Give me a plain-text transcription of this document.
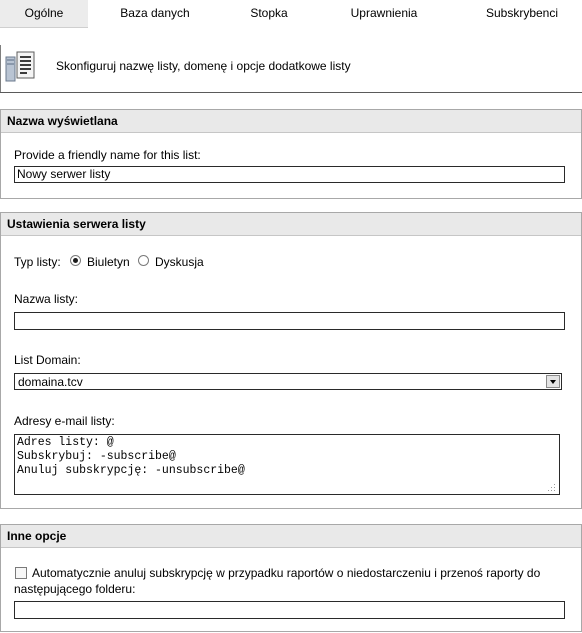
Ogólne	Baza danych	Stopka	Uprawnienia	Subskrybenci
Skonfiguruj nazwę listy, domenę i opcje dodatkowe listy
Nazwa wyświetlana
Provide a friendly name for this list:
Nowy serwer listy
Ustawienia serwera listy
Typ listy: Biuletyn Dyskusja
Nazwa listy:
List Domain:
domaina.tcv
Adresy e-mail listy:
Adres listy: @
Subskrybuj: -subscribe@
Anuluj subskrypcję: -unsubscribe@
Inne opcje
Automatycznie anuluj subskrypcję w przypadku raportów o niedostarczeniu i przenoś raporty do następującego folderu:
